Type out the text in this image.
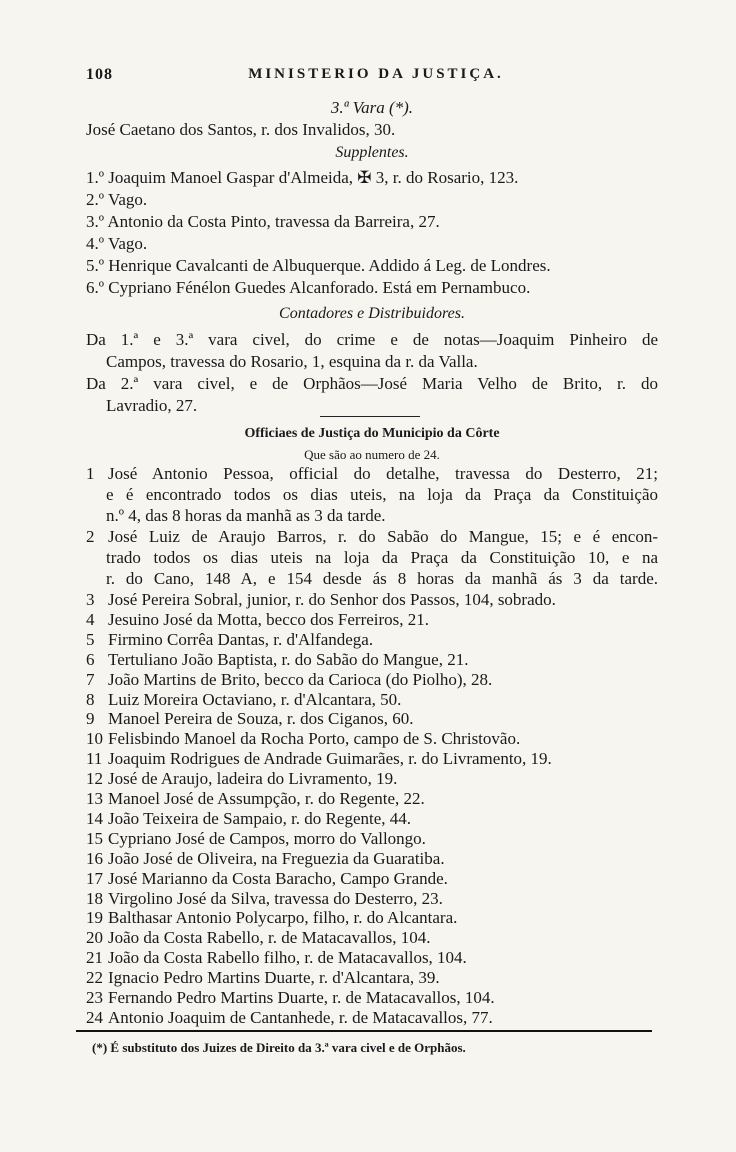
108	MINISTERIO DA JUSTIÇA.
3.ª Vara (*).
José Caetano dos Santos, r. dos Invalidos, 30.
Supplentes.
1.º Joaquim Manoel Gaspar d'Almeida, ✠ 3, r. do Rosario, 123.
2.º Vago.
3.º Antonio da Costa Pinto, travessa da Barreira, 27.
4.º Vago.
5.º Henrique Cavalcanti de Albuquerque. Addido á Leg. de Londres.
6.º Cypriano Fénélon Guedes Alcanforado. Está em Pernambuco.
Contadores e Distribuidores.
Da 1.ª e 3.ª vara civel, do crime e de notas—Joaquim Pinheiro de
Campos, travessa do Rosario, 1, esquina da r. da Valla.
Da 2.ª vara civel, e de Orphãos—José Maria Velho de Brito, r. do
Lavradio, 27.
Officiaes de Justiça do Municipio da Côrte
Que são ao numero de 24.
1 José Antonio Pessoa, official do detalhe, travessa do Desterro, 21;
e é encontrado todos os dias uteis, na loja da Praça da Constituição
n.º 4, das 8 horas da manhã as 3 da tarde.
2 José Luiz de Araujo Barros, r. do Sabão do Mangue, 15; e é encon-
trado todos os dias uteis na loja da Praça da Constituição 10, e na
r. do Cano, 148 A, e 154 desde ás 8 horas da manhã ás 3 da tarde.
3 José Pereira Sobral, junior, r. do Senhor dos Passos, 104, sobrado.
4 Jesuino José da Motta, becco dos Ferreiros, 21.
5 Firmino Corrêa Dantas, r. d'Alfandega.
6 Tertuliano João Baptista, r. do Sabão do Mangue, 21.
7 João Martins de Brito, becco da Carioca (do Piolho), 28.
8 Luiz Moreira Octaviano, r. d'Alcantara, 50.
9 Manoel Pereira de Souza, r. dos Ciganos, 60.
10 Felisbindo Manoel da Rocha Porto, campo de S. Christovão.
11 Joaquim Rodrigues de Andrade Guimarães, r. do Livramento, 19.
12 José de Araujo, ladeira do Livramento, 19.
13 Manoel José de Assumpção, r. do Regente, 22.
14 João Teixeira de Sampaio, r. do Regente, 44.
15 Cypriano José de Campos, morro do Vallongo.
16 João José de Oliveira, na Freguezia da Guaratiba.
17 José Marianno da Costa Baracho, Campo Grande.
18 Virgolino José da Silva, travessa do Desterro, 23.
19 Balthasar Antonio Polycarpo, filho, r. do Alcantara.
20 João da Costa Rabello, r. de Matacavallos, 104.
21 João da Costa Rabello filho, r. de Matacavallos, 104.
22 Ignacio Pedro Martins Duarte, r. d'Alcantara, 39.
23 Fernando Pedro Martins Duarte, r. de Matacavallos, 104.
24 Antonio Joaquim de Cantanhede, r. de Matacavallos, 77.
(*) É substituto dos Juizes de Direito da 3.ª vara civel e de Orphãos.
